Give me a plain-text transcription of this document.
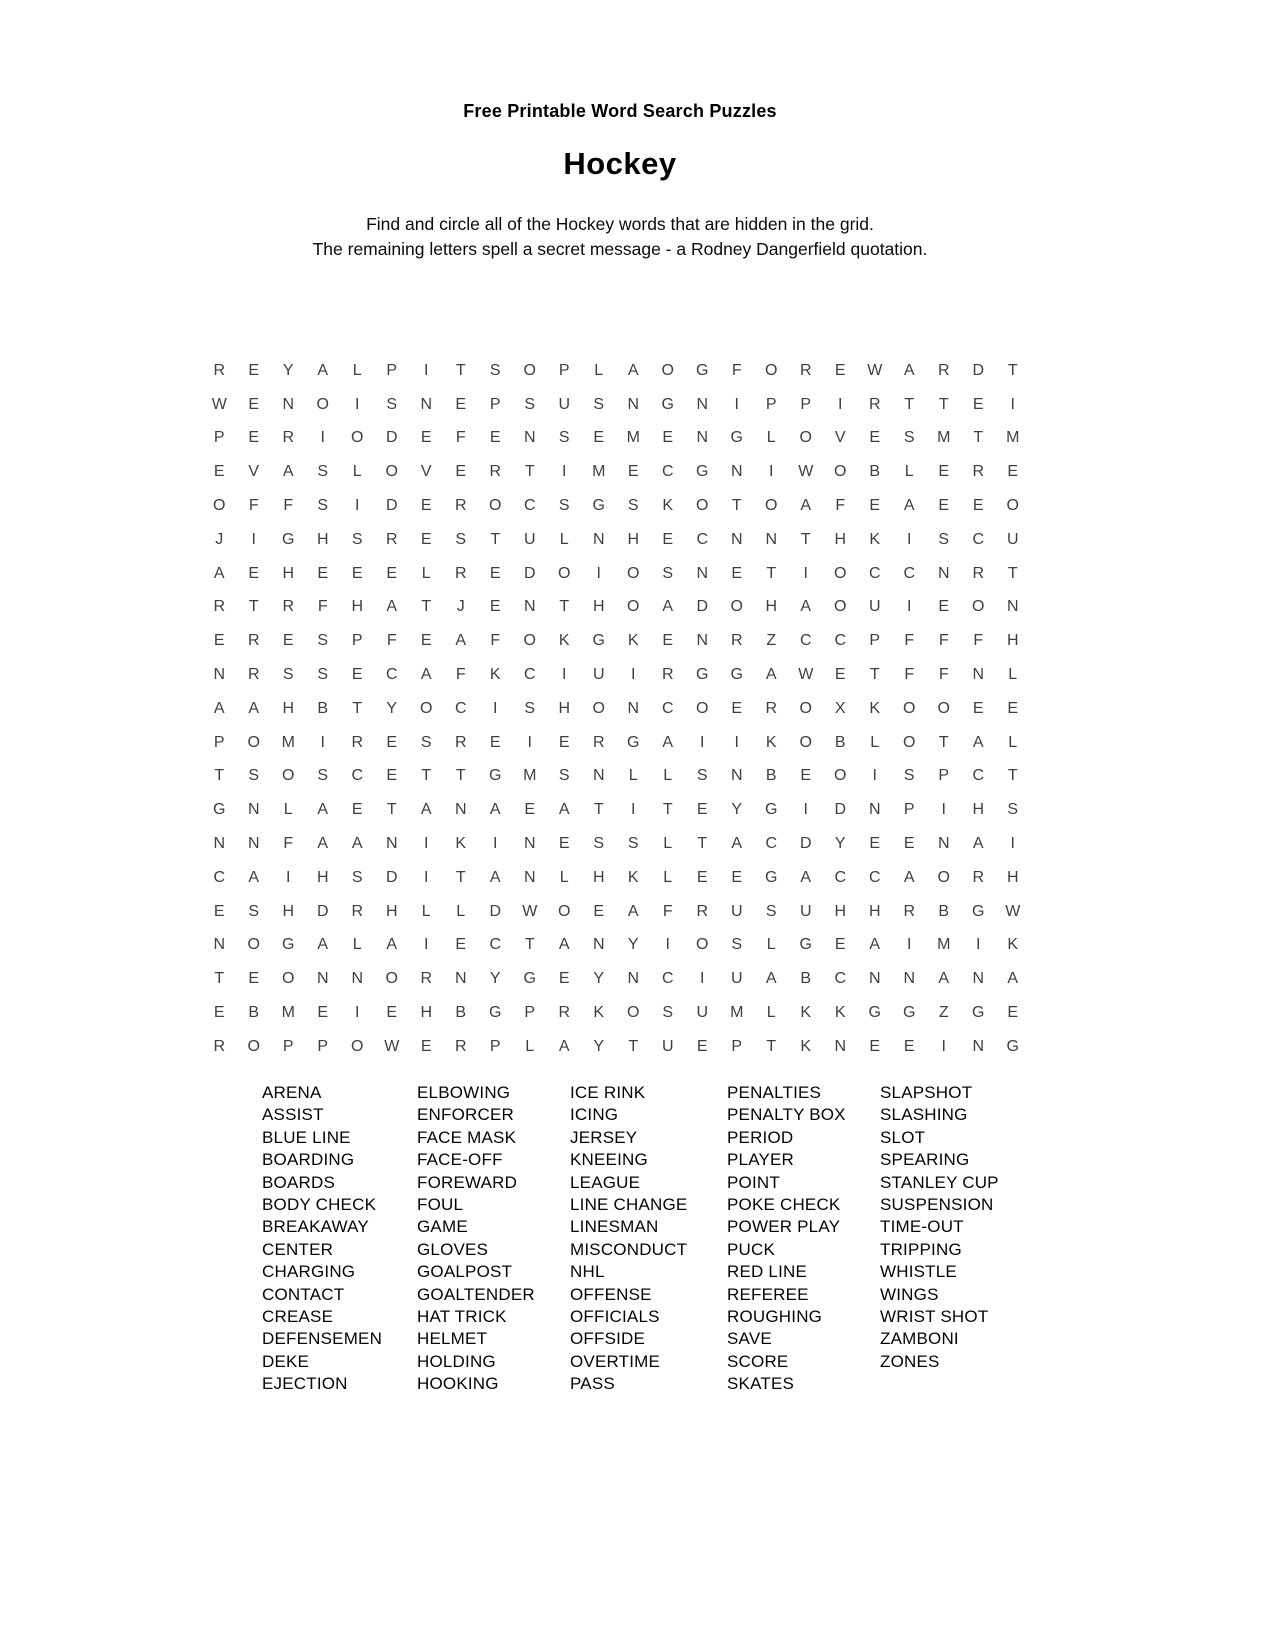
Free Printable Word Search Puzzles
Hockey
Find and circle all of the Hockey words that are hidden in the grid.
The remaining letters spell a secret message - a Rodney Dangerfield quotation.
R	E	Y	A	L	P	I	T	S	O	P	L	A	O	G	F	O	R	E	W	A	R	D	T
W	E	N	O	I	S	N	E	P	S	U	S	N	G	N	I	P	P	I	R	T	T	E	I
P	E	R	I	O	D	E	F	E	N	S	E	M	E	N	G	L	O	V	E	S	M	T	M
E	V	A	S	L	O	V	E	R	T	I	M	E	C	G	N	I	W	O	B	L	E	R	E
O	F	F	S	I	D	E	R	O	C	S	G	S	K	O	T	O	A	F	E	A	E	E	O
J	I	G	H	S	R	E	S	T	U	L	N	H	E	C	N	N	T	H	K	I	S	C	U
A	E	H	E	E	E	L	R	E	D	O	I	O	S	N	E	T	I	O	C	C	N	R	T
R	T	R	F	H	A	T	J	E	N	T	H	O	A	D	O	H	A	O	U	I	E	O	N
E	R	E	S	P	F	E	A	F	O	K	G	K	E	N	R	Z	C	C	P	F	F	F	H
N	R	S	S	E	C	A	F	K	C	I	U	I	R	G	G	A	W	E	T	F	F	N	L
A	A	H	B	T	Y	O	C	I	S	H	O	N	C	O	E	R	O	X	K	O	O	E	E
P	O	M	I	R	E	S	R	E	I	E	R	G	A	I	I	K	O	B	L	O	T	A	L
T	S	O	S	C	E	T	T	G	M	S	N	L	L	S	N	B	E	O	I	S	P	C	T
G	N	L	A	E	T	A	N	A	E	A	T	I	T	E	Y	G	I	D	N	P	I	H	S
N	N	F	A	A	N	I	K	I	N	E	S	S	L	T	A	C	D	Y	E	E	N	A	I
C	A	I	H	S	D	I	T	A	N	L	H	K	L	E	E	G	A	C	C	A	O	R	H
E	S	H	D	R	H	L	L	D	W	O	E	A	F	R	U	S	U	H	H	R	B	G	W
N	O	G	A	L	A	I	E	C	T	A	N	Y	I	O	S	L	G	E	A	I	M	I	K
T	E	O	N	N	O	R	N	Y	G	E	Y	N	C	I	U	A	B	C	N	N	A	N	A
E	B	M	E	I	E	H	B	G	P	R	K	O	S	U	M	L	K	K	G	G	Z	G	E
R	O	P	P	O	W	E	R	P	L	A	Y	T	U	E	P	T	K	N	E	E	I	N	G
ARENA
ASSIST
BLUE LINE
BOARDING
BOARDS
BODY CHECK
BREAKAWAY
CENTER
CHARGING
CONTACT
CREASE
DEFENSEMEN
DEKE
EJECTION
ELBOWING
ENFORCER
FACE MASK
FACE-OFF
FOREWARD
FOUL
GAME
GLOVES
GOALPOST
GOALTENDER
HAT TRICK
HELMET
HOLDING
HOOKING
ICE RINK
ICING
JERSEY
KNEEING
LEAGUE
LINE CHANGE
LINESMAN
MISCONDUCT
NHL
OFFENSE
OFFICIALS
OFFSIDE
OVERTIME
PASS
PENALTIES
PENALTY BOX
PERIOD
PLAYER
POINT
POKE CHECK
POWER PLAY
PUCK
RED LINE
REFEREE
ROUGHING
SAVE
SCORE
SKATES
SLAPSHOT
SLASHING
SLOT
SPEARING
STANLEY CUP
SUSPENSION
TIME-OUT
TRIPPING
WHISTLE
WINGS
WRIST SHOT
ZAMBONI
ZONES
